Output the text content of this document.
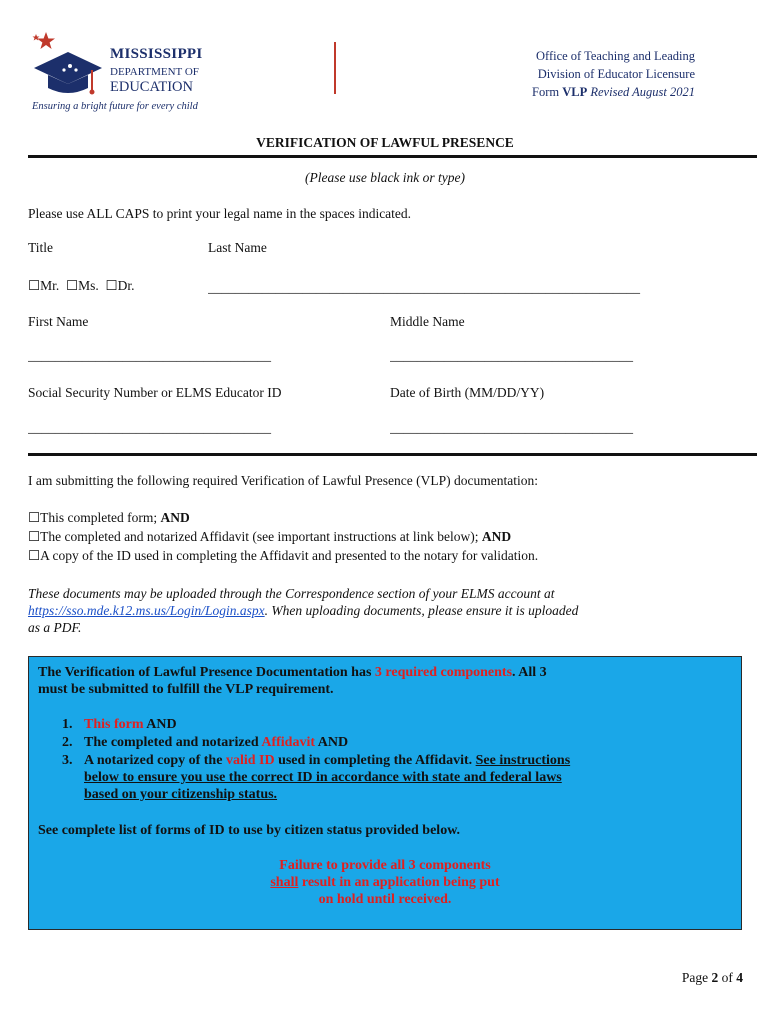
MISSISSIPPI
DEPARTMENT OF
EDUCATION
Ensuring a bright future for every child
Office of Teaching and Leading
Division of Educator Licensure
Form VLP Revised August 2021
VERIFICATION OF LAWFUL PRESENCE
(Please use black ink or type)
Please use ALL CAPS to print your legal name in the spaces indicated.
Title	Last Name
☐Mr. ☐Ms. ☐Dr.	________________________________________________________________
First Name	Middle Name
____________________________________	____________________________________
Social Security Number or ELMS Educator ID	Date of Birth (MM/DD/YY)
____________________________________	____________________________________
I am submitting the following required Verification of Lawful Presence (VLP) documentation:
☐This completed form; AND
☐The completed and notarized Affidavit (see important instructions at link below); AND
☐A copy of the ID used in completing the Affidavit and presented to the notary for validation.
These documents may be uploaded through the Correspondence section of your ELMS account at
https://sso.mde.k12.ms.us/Login/Login.aspx. When uploading documents, please ensure it is uploaded
as a PDF.
The Verification of Lawful Presence Documentation has 3 required components. All 3
must be submitted to fulfill the VLP requirement.
1. This form AND
2. The completed and notarized Affidavit AND
3. A notarized copy of the valid ID used in completing the Affidavit. See instructions
below to ensure you use the correct ID in accordance with state and federal laws
based on your citizenship status.
See complete list of forms of ID to use by citizen status provided below.
Failure to provide all 3 components
shall result in an application being put
on hold until received.
Page 2 of 4
